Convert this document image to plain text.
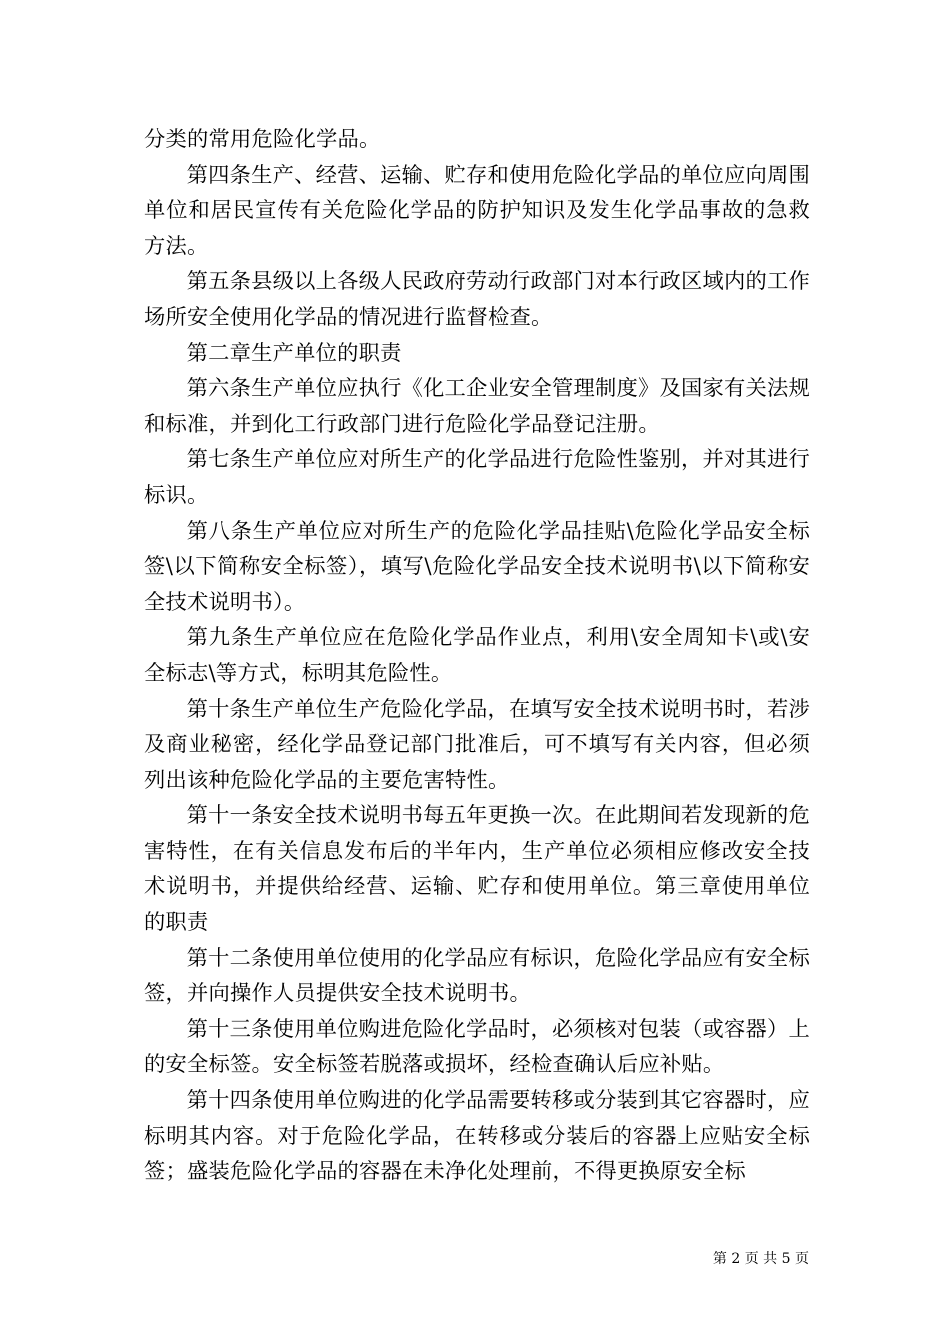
分类的常用危险化学品。

第四条生产、经营、运输、贮存和使用危险化学品的单位应向周围单位和居民宣传有关危险化学品的防护知识及发生化学品事故的急救方法。

第五条县级以上各级人民政府劳动行政部门对本行政区域内的工作场所安全使用化学品的情况进行监督检查。

第二章生产单位的职责

第六条生产单位应执行《化工企业安全管理制度》及国家有关法规和标准，并到化工行政部门进行危险化学品登记注册。

第七条生产单位应对所生产的化学品进行危险性鉴别，并对其进行标识。

第八条生产单位应对所生产的危险化学品挂贴\危险化学品安全标签\以下简称安全标签），填写\危险化学品安全技术说明书\以下简称安全技术说明书）。

第九条生产单位应在危险化学品作业点，利用\安全周知卡\或\安全标志\等方式，标明其危险性。

第十条生产单位生产危险化学品，在填写安全技术说明书时，若涉及商业秘密，经化学品登记部门批准后，可不填写有关内容，但必须列出该种危险化学品的主要危害特性。

第十一条安全技术说明书每五年更换一次。在此期间若发现新的危害特性，在有关信息发布后的半年内，生产单位必须相应修改安全技术说明书，并提供给经营、运输、贮存和使用单位。第三章使用单位的职责

第十二条使用单位使用的化学品应有标识，危险化学品应有安全标签，并向操作人员提供安全技术说明书。

第十三条使用单位购进危险化学品时，必须核对包装（或容器）上的安全标签。安全标签若脱落或损坏，经检查确认后应补贴。

第十四条使用单位购进的化学品需要转移或分装到其它容器时，应标明其内容。对于危险化学品，在转移或分装后的容器上应贴安全标签；盛装危险化学品的容器在未净化处理前，不得更换原安全标

第 2 页 共 5 页
